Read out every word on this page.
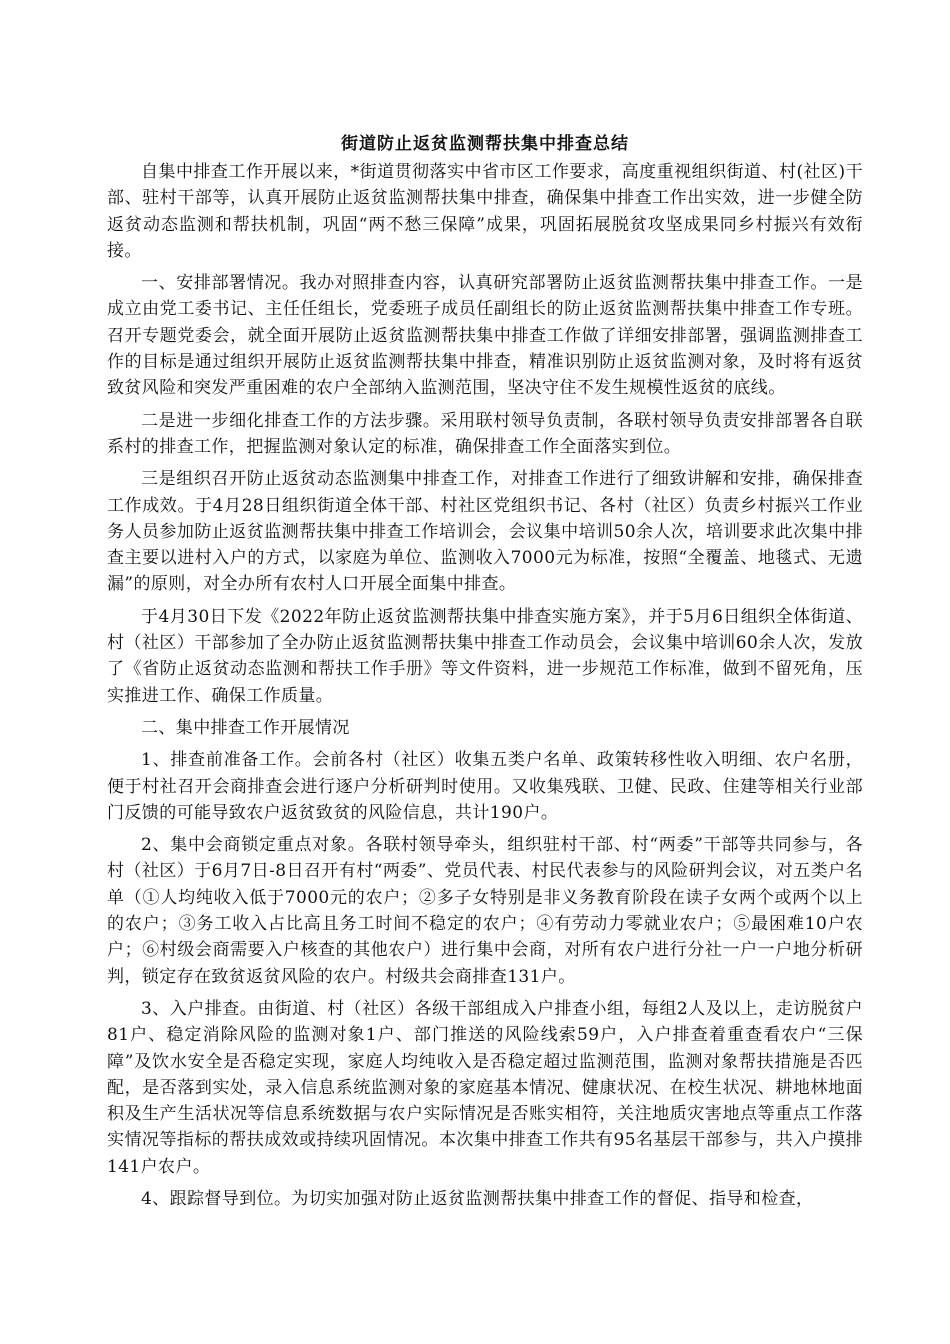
街道防止返贫监测帮扶集中排查总结

自集中排查工作开展以来，*街道贯彻落实中省市区工作要求，高度重视组织街道、村(社区)干部、驻村干部等，认真开展防止返贫监测帮扶集中排查，确保集中排查工作出实效，进一步健全防返贫动态监测和帮扶机制，巩固“两不愁三保障”成果，巩固拓展脱贫攻坚成果同乡村振兴有效衔接。

一、安排部署情况。我办对照排查内容，认真研究部署防止返贫监测帮扶集中排查工作。一是成立由党工委书记、主任任组长，党委班子成员任副组长的防止返贫监测帮扶集中排查工作专班。召开专题党委会，就全面开展防止返贫监测帮扶集中排查工作做了详细安排部署，强调监测排查工作的目标是通过组织开展防止返贫监测帮扶集中排查，精准识别防止返贫监测对象，及时将有返贫致贫风险和突发严重困难的农户全部纳入监测范围，坚决守住不发生规模性返贫的底线。

二是进一步细化排查工作的方法步骤。采用联村领导负责制，各联村领导负责安排部署各自联系村的排查工作，把握监测对象认定的标准，确保排查工作全面落实到位。

三是组织召开防止返贫动态监测集中排查工作，对排查工作进行了细致讲解和安排，确保排查工作成效。于4月28日组织街道全体干部、村社区党组织书记、各村（社区）负责乡村振兴工作业务人员参加防止返贫监测帮扶集中排查工作培训会，会议集中培训50余人次，培训要求此次集中排查主要以进村入户的方式，以家庭为单位、监测收入7000元为标准，按照“全覆盖、地毯式、无遗漏”的原则，对全办所有农村人口开展全面集中排查。

于4月30日下发《2022年防止返贫监测帮扶集中排查实施方案》，并于5月6日组织全体街道、村（社区）干部参加了全办防止返贫监测帮扶集中排查工作动员会，会议集中培训60余人次，发放了《省防止返贫动态监测和帮扶工作手册》等文件资料，进一步规范工作标准，做到不留死角，压实推进工作、确保工作质量。

二、集中排查工作开展情况

1、排查前准备工作。会前各村（社区）收集五类户名单、政策转移性收入明细、农户名册，便于村社召开会商排查会进行逐户分析研判时使用。又收集残联、卫健、民政、住建等相关行业部门反馈的可能导致农户返贫致贫的风险信息，共计190户。

2、集中会商锁定重点对象。各联村领导牵头，组织驻村干部、村“两委”干部等共同参与，各村（社区）于6月7日-8日召开有村“两委”、党员代表、村民代表参与的风险研判会议，对五类户名单（①人均纯收入低于7000元的农户；②多子女特别是非义务教育阶段在读子女两个或两个以上的农户；③务工收入占比高且务工时间不稳定的农户；④有劳动力零就业农户；⑤最困难10户农户；⑥村级会商需要入户核查的其他农户）进行集中会商，对所有农户进行分社一户一户地分析研判，锁定存在致贫返贫风险的农户。村级共会商排查131户。

3、入户排查。由街道、村（社区）各级干部组成入户排查小组，每组2人及以上，走访脱贫户81户、稳定消除风险的监测对象1户、部门推送的风险线索59户，入户排查着重查看农户“三保障”及饮水安全是否稳定实现，家庭人均纯收入是否稳定超过监测范围，监测对象帮扶措施是否匹配，是否落到实处，录入信息系统监测对象的家庭基本情况、健康状况、在校生状况、耕地林地面积及生产生活状况等信息系统数据与农户实际情况是否账实相符，关注地质灾害地点等重点工作落实情况等指标的帮扶成效或持续巩固情况。本次集中排查工作共有95名基层干部参与，共入户摸排141户农户。

4、跟踪督导到位。为切实加强对防止返贫监测帮扶集中排查工作的督促、指导和检查，
